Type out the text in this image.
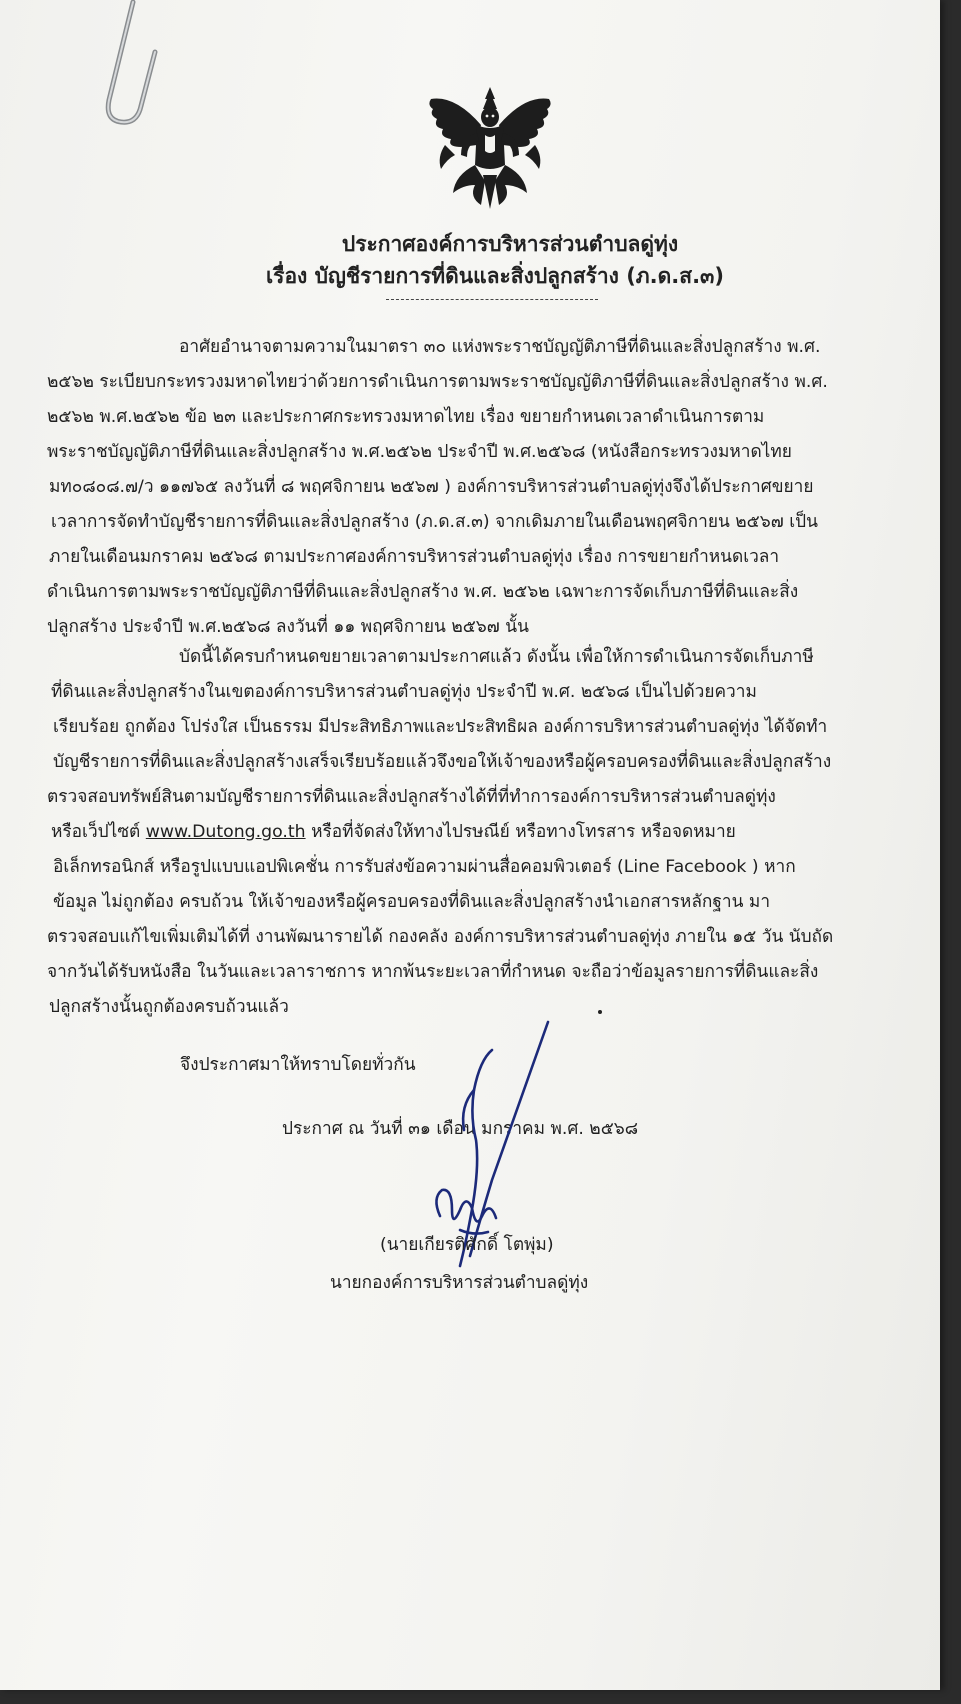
ประกาศองค์การบริหารส่วนตำบลดู่ทุ่ง
เรื่อง บัญชีรายการที่ดินและสิ่งปลูกสร้าง (ภ.ด.ส.๓)
อาศัยอำนาจตามความในมาตรา ๓๐ แห่งพระราชบัญญัติภาษีที่ดินและสิ่งปลูกสร้าง พ.ศ.
๒๕๖๒ ระเบียบกระทรวงมหาดไทยว่าด้วยการดำเนินการตามพระราชบัญญัติภาษีที่ดินและสิ่งปลูกสร้าง พ.ศ.
๒๕๖๒ พ.ศ.๒๕๖๒ ข้อ ๒๓ และประกาศกระทรวงมหาดไทย เรื่อง ขยายกำหนดเวลาดำเนินการตาม
พระราชบัญญัติภาษีที่ดินและสิ่งปลูกสร้าง พ.ศ.๒๕๖๒ ประจำปี พ.ศ.๒๕๖๘ (หนังสือกระทรวงมหาดไทย
มท๐๘๐๘.๗/ว ๑๑๗๖๕ ลงวันที่ ๘ พฤศจิกายน ๒๕๖๗ ) องค์การบริหารส่วนตำบลดู่ทุ่งจึงได้ประกาศขยาย
เวลาการจัดทำบัญชีรายการที่ดินและสิ่งปลูกสร้าง (ภ.ด.ส.๓) จากเดิมภายในเดือนพฤศจิกายน ๒๕๖๗ เป็น
ภายในเดือนมกราคม ๒๕๖๘ ตามประกาศองค์การบริหารส่วนตำบลดู่ทุ่ง เรื่อง การขยายกำหนดเวลา
ดำเนินการตามพระราชบัญญัติภาษีที่ดินและสิ่งปลูกสร้าง พ.ศ. ๒๕๖๒ เฉพาะการจัดเก็บภาษีที่ดินและสิ่ง
ปลูกสร้าง ประจำปี พ.ศ.๒๕๖๘ ลงวันที่ ๑๑ พฤศจิกายน ๒๕๖๗ นั้น
บัดนี้ได้ครบกำหนดขยายเวลาตามประกาศแล้ว ดังนั้น เพื่อให้การดำเนินการจัดเก็บภาษี
ที่ดินและสิ่งปลูกสร้างในเขตองค์การบริหารส่วนตำบลดู่ทุ่ง ประจำปี พ.ศ. ๒๕๖๘ เป็นไปด้วยความ
เรียบร้อย ถูกต้อง โปร่งใส เป็นธรรม มีประสิทธิภาพและประสิทธิผล องค์การบริหารส่วนตำบลดู่ทุ่ง ได้จัดทำ
บัญชีรายการที่ดินและสิ่งปลูกสร้างเสร็จเรียบร้อยแล้วจึงขอให้เจ้าของหรือผู้ครอบครองที่ดินและสิ่งปลูกสร้าง
ตรวจสอบทรัพย์สินตามบัญชีรายการที่ดินและสิ่งปลูกสร้างได้ที่ที่ทำการองค์การบริหารส่วนตำบลดู่ทุ่ง
หรือเว็ปไซต์ www.Dutong.go.th หรือที่จัดส่งให้ทางไปรษณีย์ หรือทางโทรสาร หรือจดหมาย
อิเล็กทรอนิกส์ หรือรูปแบบแอปพิเคชั่น การรับส่งข้อความผ่านสื่อคอมพิวเตอร์ (Line Facebook ) หาก
ข้อมูล ไม่ถูกต้อง ครบถ้วน ให้เจ้าของหรือผู้ครอบครองที่ดินและสิ่งปลูกสร้างนำเอกสารหลักฐาน มา
ตรวจสอบแก้ไขเพิ่มเติมได้ที่ งานพัฒนารายได้ กองคลัง องค์การบริหารส่วนตำบลดู่ทุ่ง ภายใน ๑๕ วัน นับถัด
จากวันได้รับหนังสือ ในวันและเวลาราชการ หากพ้นระยะเวลาที่กำหนด จะถือว่าข้อมูลรายการที่ดินและสิ่ง
ปลูกสร้างนั้นถูกต้องครบถ้วนแล้ว
จึงประกาศมาให้ทราบโดยทั่วกัน
ประกาศ ณ วันที่ ๓๑ เดือน มกราคม พ.ศ. ๒๕๖๘
(นายเกียรติศักดิ์ โตพุ่ม)
นายกองค์การบริหารส่วนตำบลดู่ทุ่ง
